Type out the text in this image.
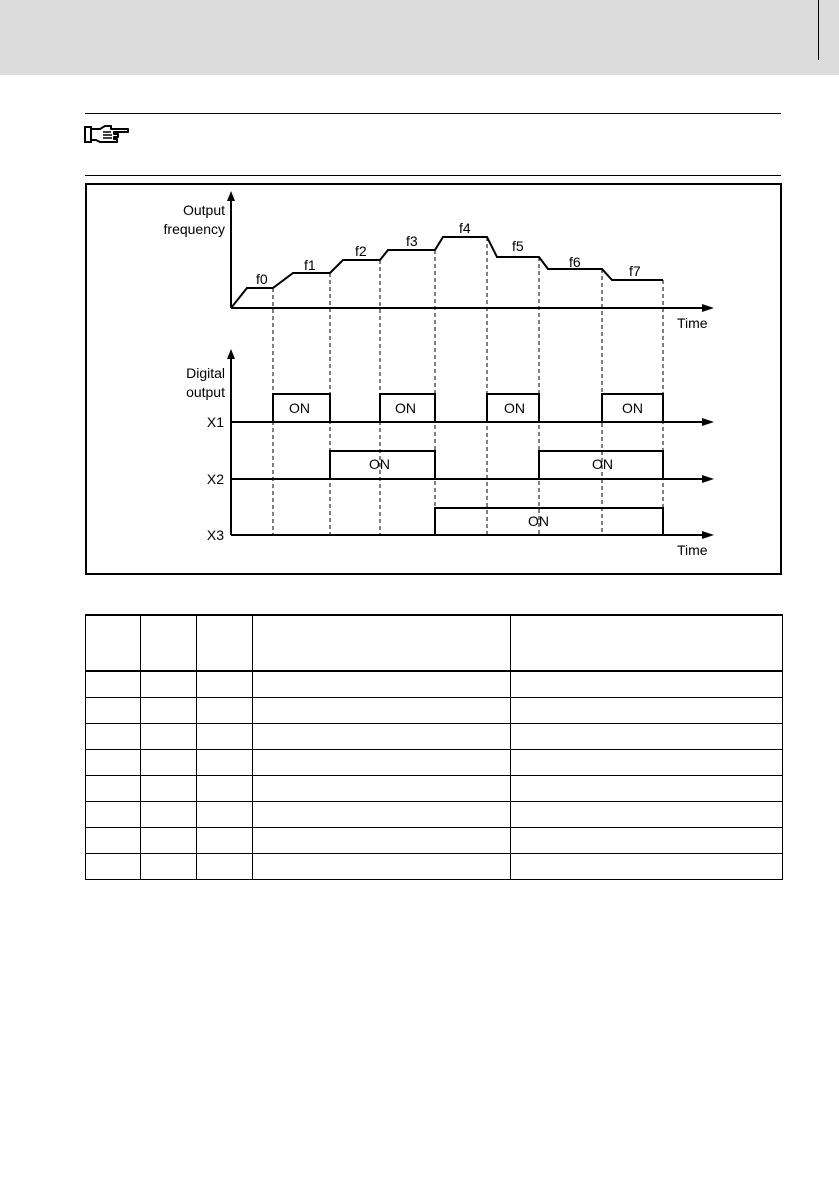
Output
frequency
f0
f1
f2
f3
f4
f5
f6
f7
Time
Digital
output
X1
ON	ON	ON	ON
X2
ON	ON
X3
ON
Time
